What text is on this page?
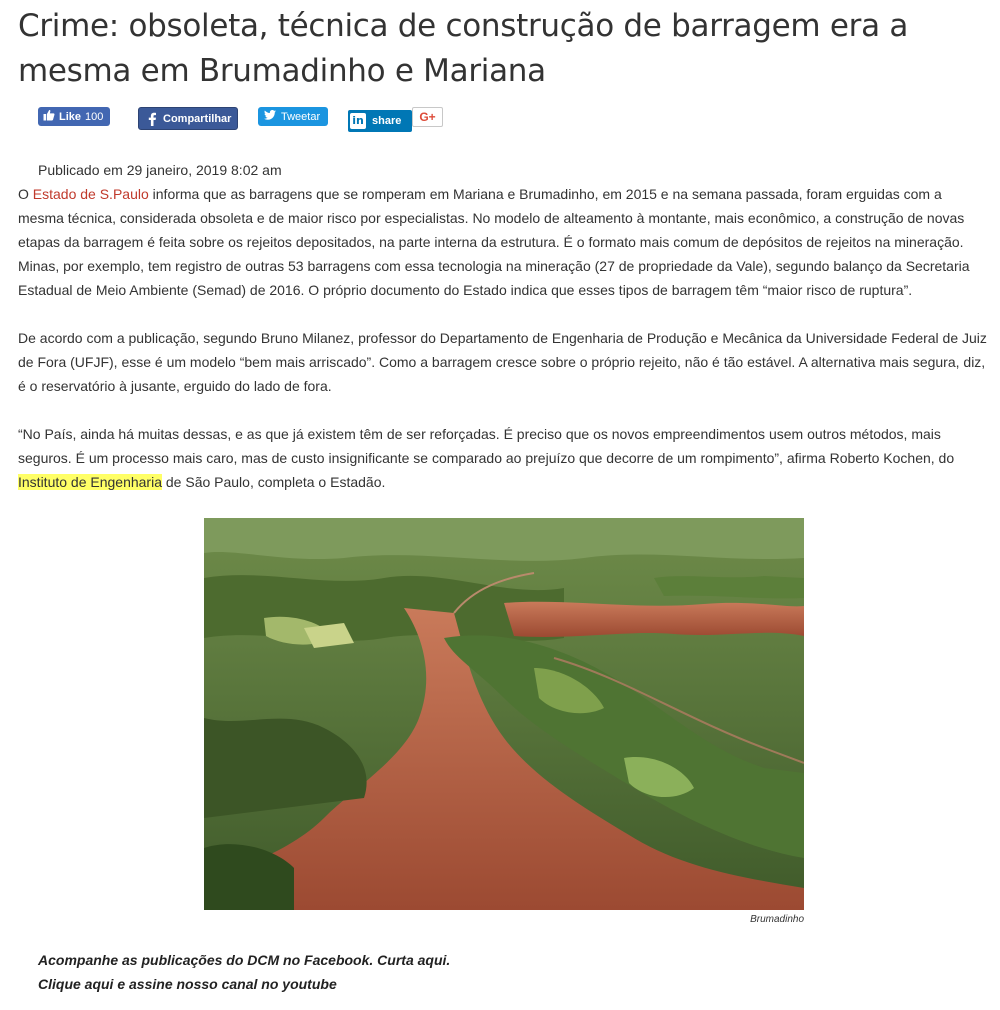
Crime: obsoleta, técnica de construção de barragem era a mesma em Brumadinho e Mariana
Like 100	Compartilhar	Tweetar	in share G+
Publicado em 29 janeiro, 2019 8:02 am

O Estado de S.Paulo informa que as barragens que se romperam em Mariana e Brumadinho, em 2015 e na semana passada, foram erguidas com a mesma técnica, considerada obsoleta e de maior risco por especialistas. No modelo de alteamento à montante, mais econômico, a construção de novas etapas da barragem é feita sobre os rejeitos depositados, na parte interna da estrutura. É o formato mais comum de depósitos de rejeitos na mineração. Minas, por exemplo, tem registro de outras 53 barragens com essa tecnologia na mineração (27 de propriedade da Vale), segundo balanço da Secretaria Estadual de Meio Ambiente (Semad) de 2016. O próprio documento do Estado indica que esses tipos de barragem têm “maior risco de ruptura”.

De acordo com a publicação, segundo Bruno Milanez, professor do Departamento de Engenharia de Produção e Mecânica da Universidade Federal de Juiz de Fora (UFJF), esse é um modelo “bem mais arriscado”. Como a barragem cresce sobre o próprio rejeito, não é tão estável. A alternativa mais segura, diz, é o reservatório à jusante, erguido do lado de fora.

“No País, ainda há muitas dessas, e as que já existem têm de ser reforçadas. É preciso que os novos empreendimentos usem outros métodos, mais seguros. É um processo mais caro, mas de custo insignificante se comparado ao prejuízo que decorre de um rompimento”, afirma Roberto Kochen, do Instituto de Engenharia de São Paulo, completa o Estadão.

Brumadinho
Acompanhe as publicações do DCM no Facebook. Curta aqui.
Clique aqui e assine nosso canal no youtube
